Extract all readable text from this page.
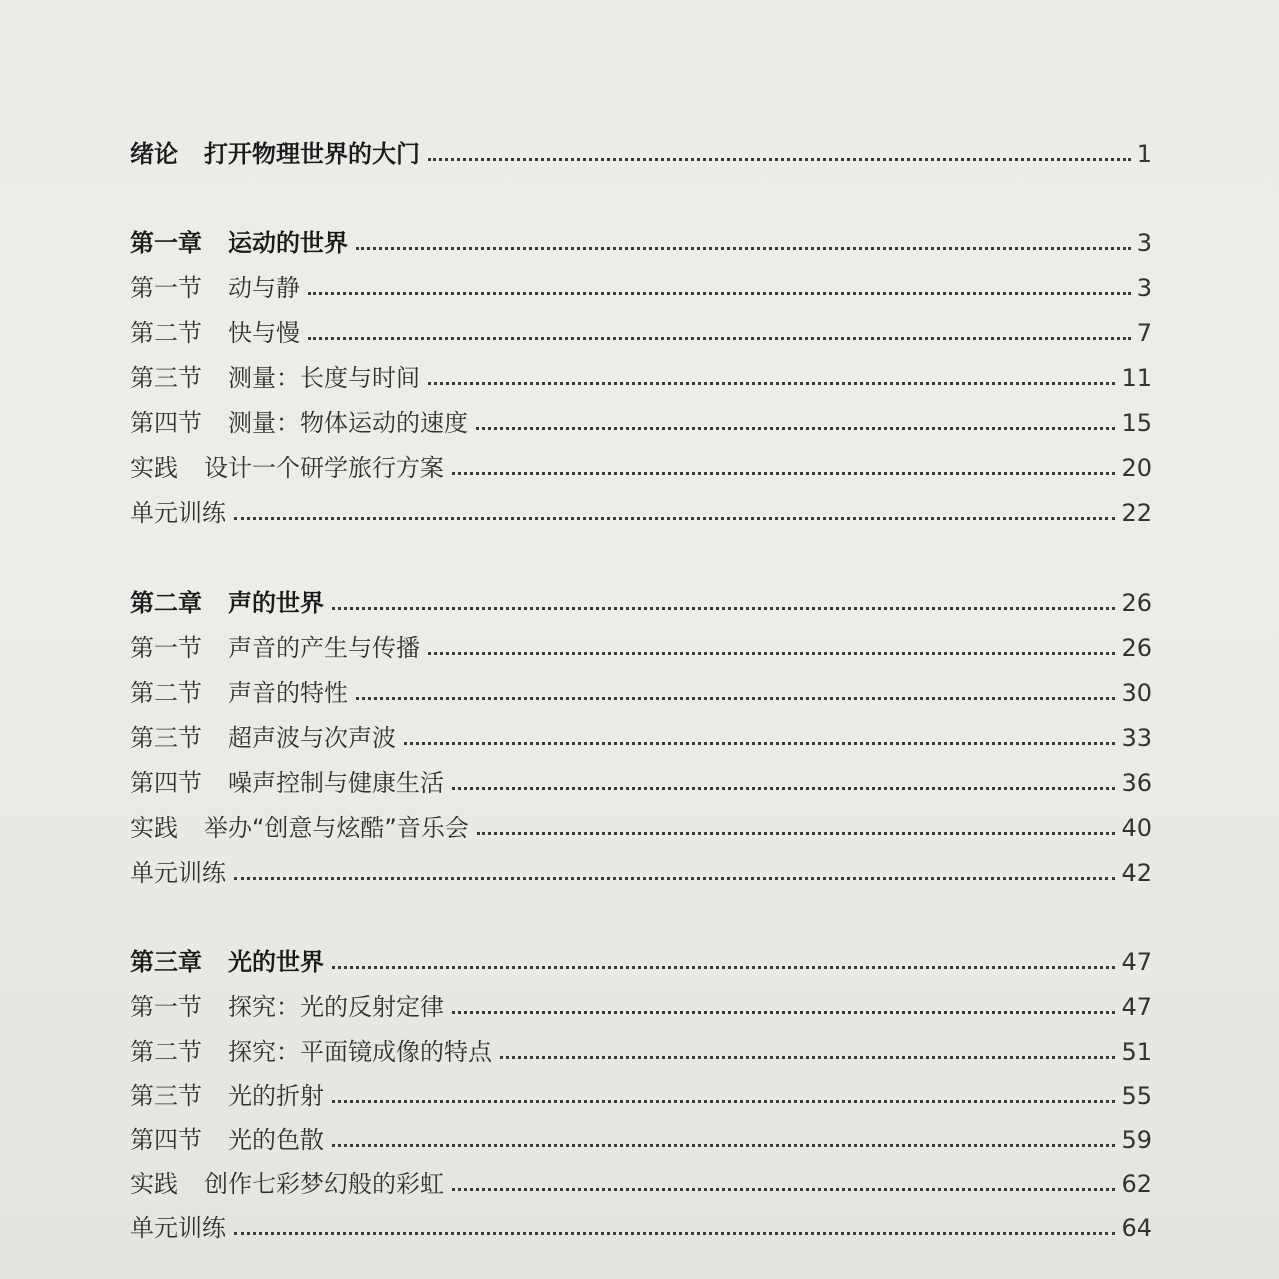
绪论 打开物理世界的大门	1
第一章 运动的世界	3
第一节 动与静	3
第二节 快与慢	7
第三节 测量：长度与时间	11
第四节 测量：物体运动的速度	15
实践 设计一个研学旅行方案	20
单元训练	22
第二章 声的世界	26
第一节 声音的产生与传播	26
第二节 声音的特性	30
第三节 超声波与次声波	33
第四节 噪声控制与健康生活	36
实践 举办“创意与炫酷”音乐会	40
单元训练	42
第三章 光的世界	47
第一节 探究：光的反射定律	47
第二节 探究：平面镜成像的特点	51
第三节 光的折射	55
第四节 光的色散	59
实践 创作七彩梦幻般的彩虹	62
单元训练	64
